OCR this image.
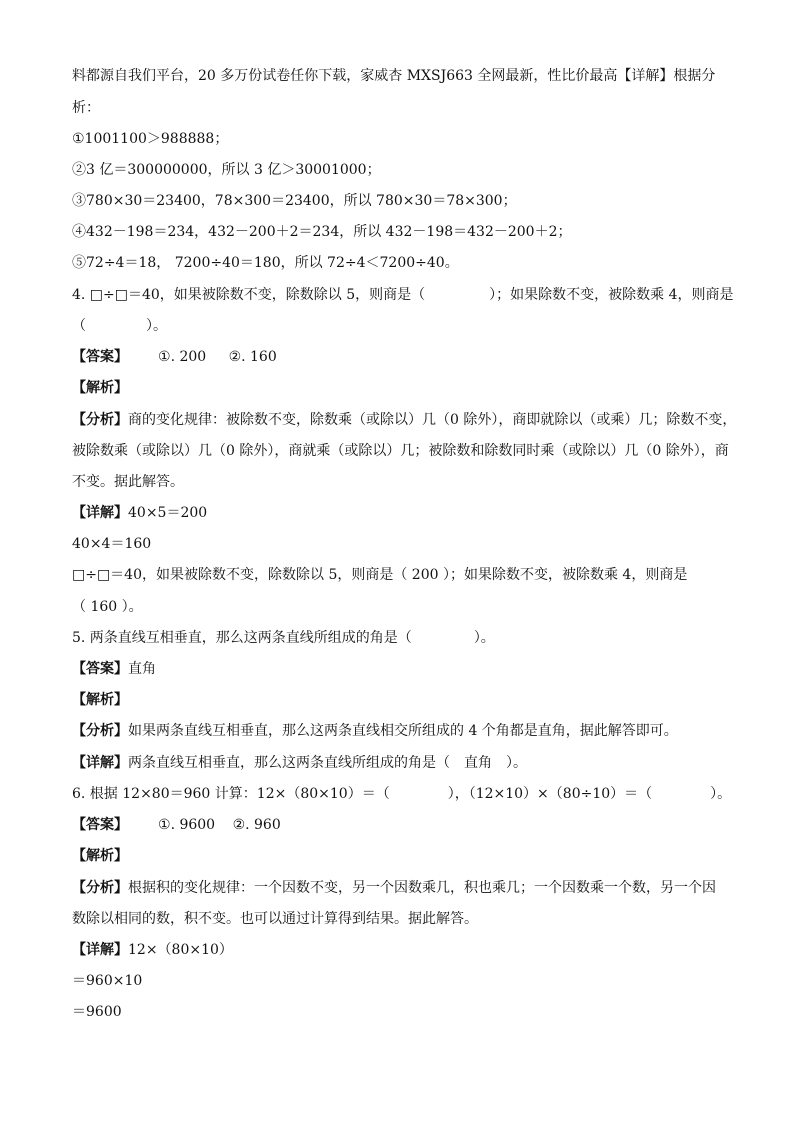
料都源自我们平台，20 多万份试卷任你下载，家威杏 MXSJ663 全网最新，性比价最高【详解】根据分
析：
①1001100＞988888；
②3 亿＝300000000，所以 3 亿＞30001000；
③780×30＝23400，78×300＝23400，所以 780×30＝78×300；
④432－198＝234，432－200＋2＝234，所以 432－198＝432－200＋2；
⑤72÷4＝18， 7200÷40＝180，所以 72÷4＜7200÷40。
4. □÷□＝40，如果被除数不变，除数除以 5，则商是（	）；如果除数不变，被除数乘 4，则商是
（	）。
【答案】 ①. 200 ②. 160
【解析】
【分析】商的变化规律：被除数不变，除数乘（或除以）几（0 除外），商即就除以（或乘）几；除数不变，
被除数乘（或除以）几（0 除外），商就乘（或除以）几；被除数和除数同时乘（或除以）几（0 除外），商
不变。据此解答。
【详解】40×5＝200
40×4＝160
□÷□＝40，如果被除数不变，除数除以 5，则商是（ 200 ）；如果除数不变，被除数乘 4，则商是
（ 160 ）。
5. 两条直线互相垂直，那么这两条直线所组成的角是（	）。
【答案】直角
【解析】
【分析】如果两条直线互相垂直，那么这两条直线相交所组成的 4 个角都是直角，据此解答即可。
【详解】两条直线互相垂直，那么这两条直线所组成的角是（　直角　）。
6. 根据 12×80＝960 计算：12×（80×10）＝（	），（12×10）×（80÷10）＝（	）。
【答案】 ①. 9600 ②. 960
【解析】
【分析】根据积的变化规律：一个因数不变，另一个因数乘几，积也乘几；一个因数乘一个数，另一个因
数除以相同的数，积不变。也可以通过计算得到结果。据此解答。
【详解】12×（80×10）
＝960×10
＝9600
